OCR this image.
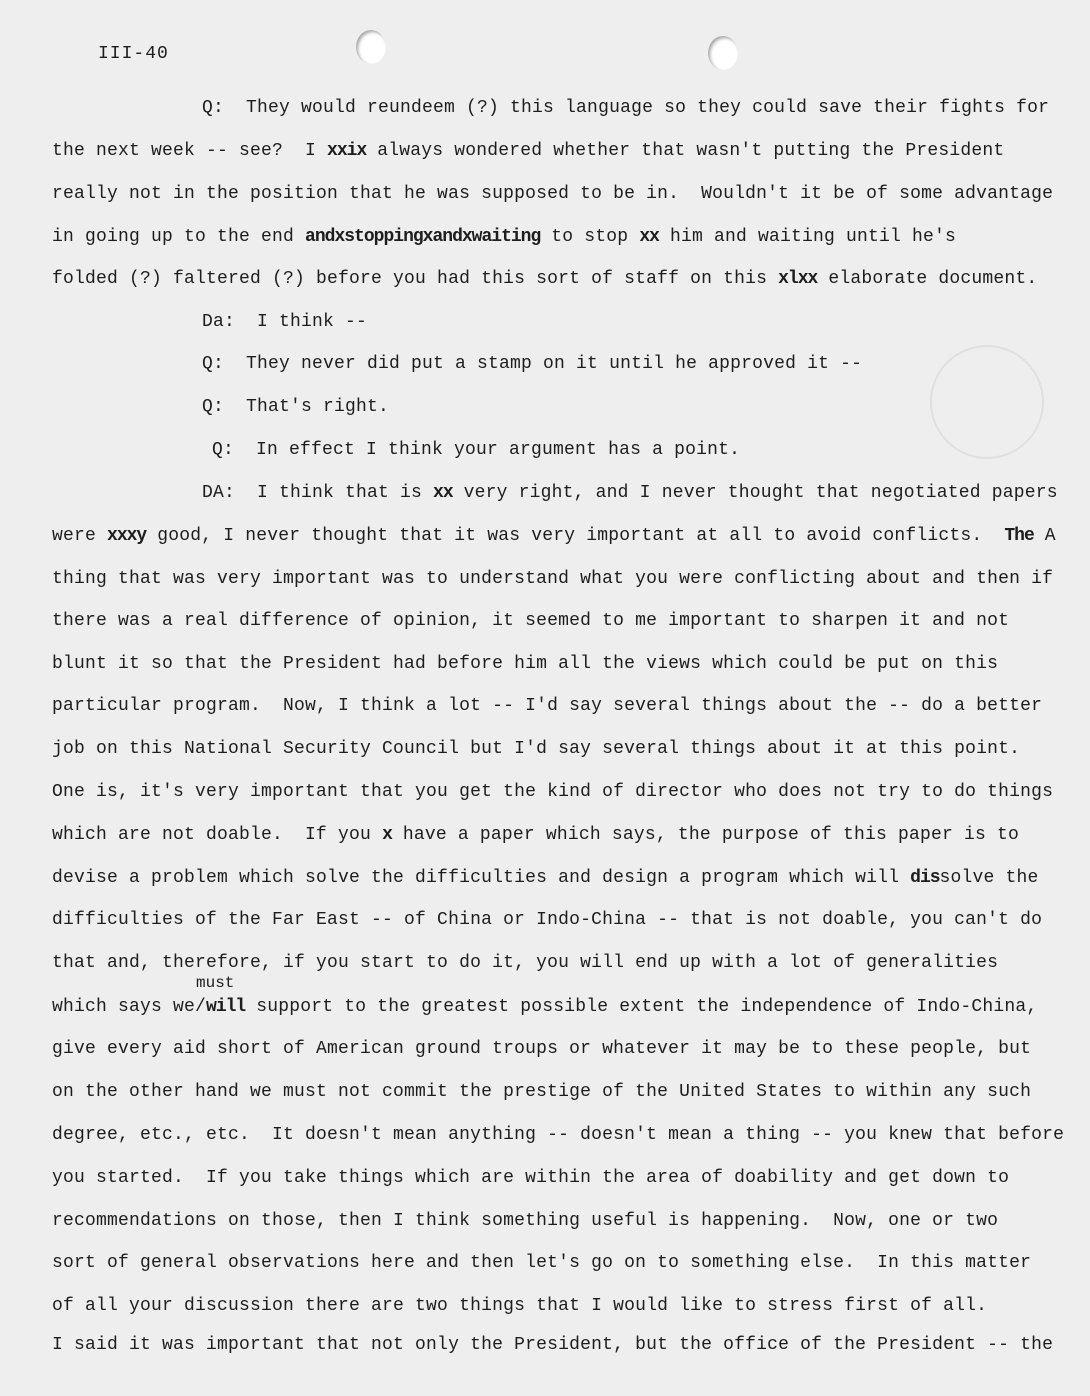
III-40
must
Q:  They would reundeem (?) this language so they could save their fights for
the next week -- see?  I xxix always wondered whether that wasn't putting the President
really not in the position that he was supposed to be in.  Wouldn't it be of some advantage
in going up to the end andxstoppingxandxwaiting to stop xx him and waiting until he's
folded (?) faltered (?) before you had this sort of staff on this xlxx elaborate document.
Da:  I think --
Q:  They never did put a stamp on it until he approved it --
Q:  That's right.
Q:  In effect I think your argument has a point.
DA:  I think that is xx very right, and I never thought that negotiated papers
were xxxy good, I never thought that it was very important at all to avoid conflicts.  The A
thing that was very important was to understand what you were conflicting about and then if
there was a real difference of opinion, it seemed to me important to sharpen it and not
blunt it so that the President had before him all the views which could be put on this
particular program.  Now, I think a lot -- I'd say several things about the -- do a better
job on this National Security Council but I'd say several things about it at this point.
One is, it's very important that you get the kind of director who does not try to do things
which are not doable.  If you x have a paper which says, the purpose of this paper is to
devise a problem which solve the difficulties and design a program which will dissolve the
difficulties of the Far East -- of China or Indo-China -- that is not doable, you can't do
that and, therefore, if you start to do it, you will end up with a lot of generalities
which says we/will support to the greatest possible extent the independence of Indo-China,
give every aid short of American ground troups or whatever it may be to these people, but
on the other hand we must not commit the prestige of the United States to within any such
degree, etc., etc.  It doesn't mean anything -- doesn't mean a thing -- you knew that before
you started.  If you take things which are within the area of doability and get down to
recommendations on those, then I think something useful is happening.  Now, one or two
sort of general observations here and then let's go on to something else.  In this matter
of all your discussion there are two things that I would like to stress first of all.
I said it was important that not only the President, but the office of the President -- the
